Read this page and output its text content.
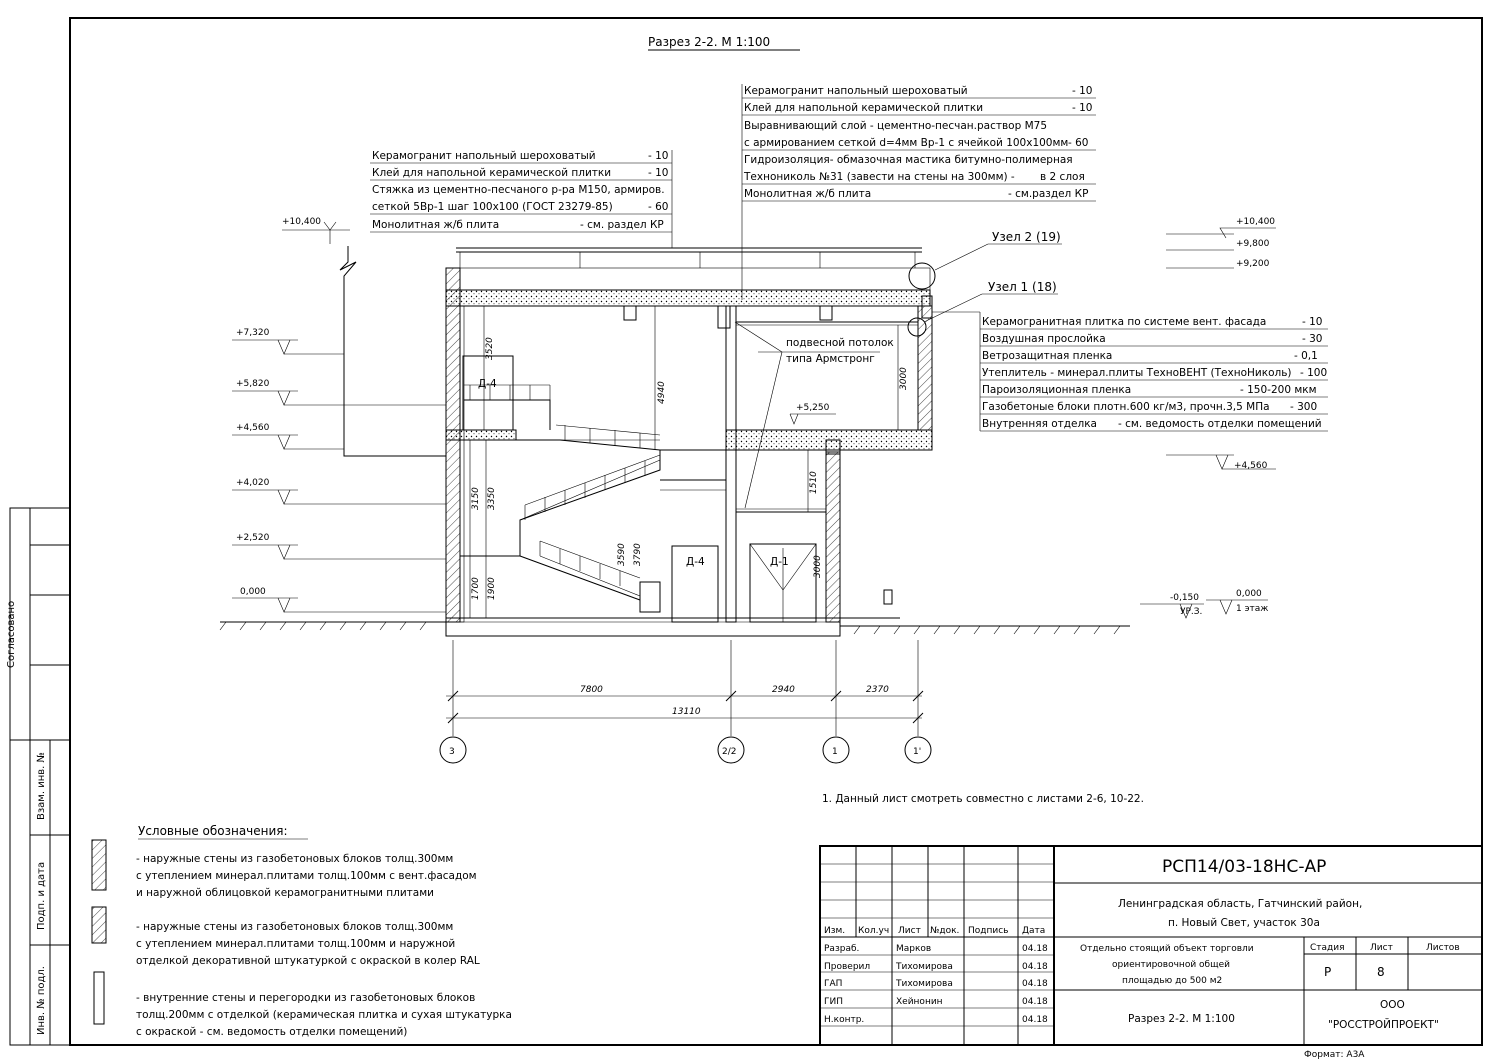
Согласовано
Взам. инв. №
Подп. и дата
Инв. № подл.
Разрез 2-2. М 1:100
Керамогранит напольный шероховатый	- 10
Клей для напольной керамической плитки	- 10
Стяжка из цементно-песчаного р-ра М150, армиров.
сеткой 5Вр-1 шаг 100х100 (ГОСТ 23279-85)	- 60
Монолитная ж/б плита	- см. раздел КР
Керамогранит напольный шероховатый	- 10
Клей для напольной керамической плитки	- 10
Выравнивающий слой - цементно-песчан.раствор М75
с армированием сеткой d=4мм Вр-1 с ячейкой 100х100мм - 60
Гидроизоляция- обмазочная мастика битумно-полимерная
Технониколь №31 (завести на стены на 300мм) - в 2 слоя
Монолитная ж/б плита	- см.раздел КР
Керамогранитная плитка по системе вент. фасада	- 10
Воздушная прослойка	- 30
Ветрозащитная пленка	- 0,1
Утеплитель - минерал.плиты ТехноВЕНТ (ТехноНиколь) - 100
Пароизоляционная пленка	- 150-200 мкм
Газобетоные блоки плотн.600 кг/м3, прочн.3,5 МПа - 300
Внутренняя отделка - см. ведомость отделки помещений
Узел 2 (19)
Узел 1 (18)
Д-4
Д-4	Д-1
подвесной потолок
типа Армстронг
3520
4940
3000
3150 3350
1510
3590 3790
3000
1700 1900
+10,400
+7,320
+5,820
+4,560
+4,020
+2,520
0,000
+10,400
+9,800
+9,200
+4,560
-0,150
УР.З.
0,000
1 этаж
+5,250
7800	2940	2370
13110
3	2/2	1	1'
1. Данный лист смотреть совместно с листами 2-6, 10-22.
Условные обозначения:
- наружные стены из газобетоновых блоков толщ.300мм
с утеплением минерал.плитами толщ.100мм с вент.фасадом
и наружной облицовкой керамогранитными плитами
- наружные стены из газобетоновых блоков толщ.300мм
с утеплением минерал.плитами толщ.100мм и наружной
отделкой декоративной штукатуркой с окраской в колер RAL
- внутренние стены и перегородки из газобетоновых блоков
толщ.200мм с отделкой (керамическая плитка и сухая штукатурка
с окраской - см. ведомость отделки помещений)
Изм. Кол.уч Лист №док. Подпись Дата
Разраб.	Марков	04.18
Проверил	Тихомирова	04.18
ГАП	Тихомирова	04.18
ГИП	Хейнонин	04.18
Н.контр.	04.18
РСП14/03-18НС-АР
Ленинградская область, Гатчинский район,
п. Новый Свет, участок 30а
Отдельно стоящий объект торговли
ориентировочной общей
площадью до 500 м2
Разрез 2-2. М 1:100
Стадия	Лист	Листов
Р	8
ООО
"РОССТРОЙПРОЕКТ"
Формат: А3А
